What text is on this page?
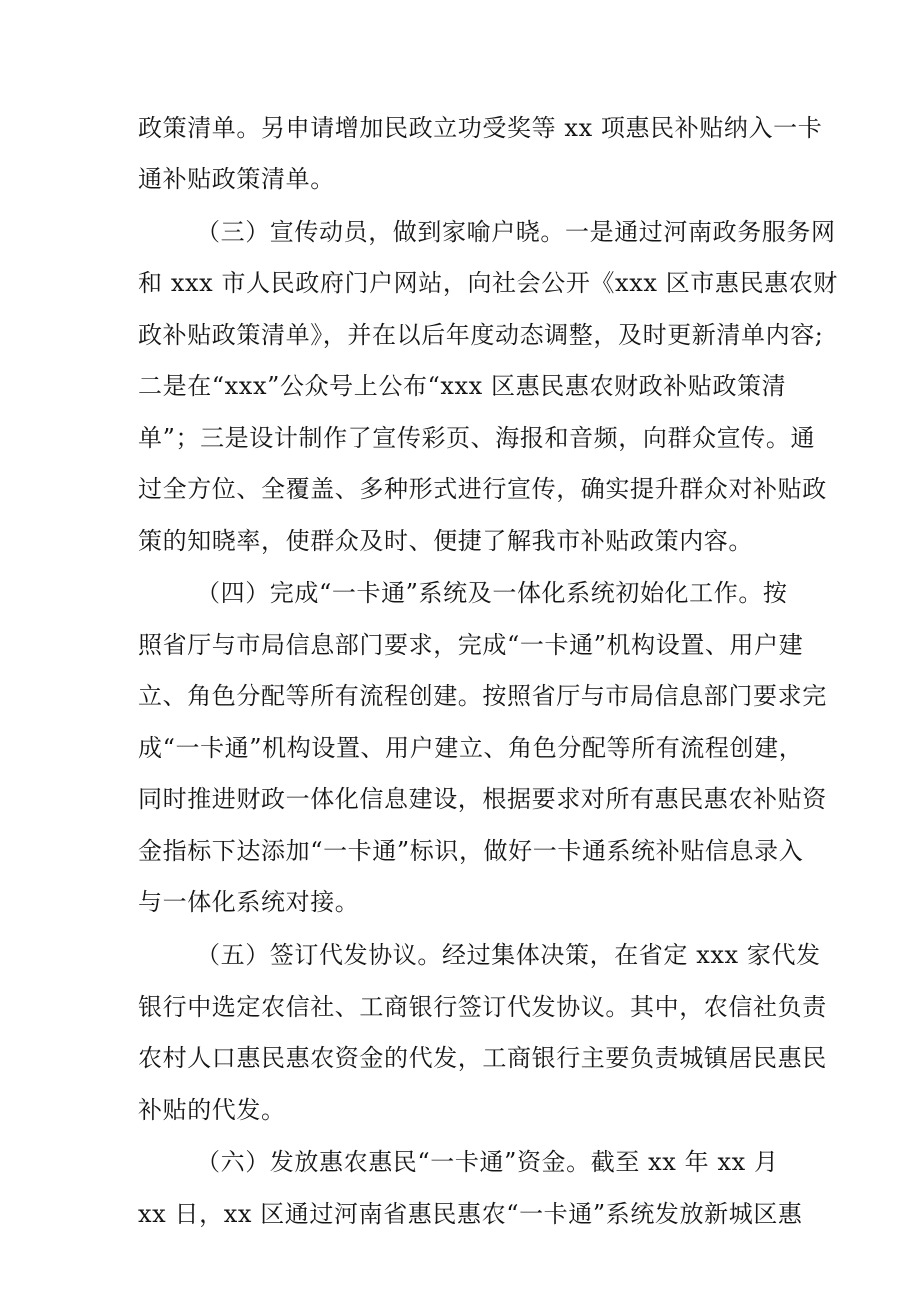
政策清单。另申请增加民政立功受奖等 xx 项惠民补贴纳入一卡
通补贴政策清单。
（三）宣传动员，做到家喻户晓。一是通过河南政务服务网
和 xxx 市人民政府门户网站，向社会公开《xxx 区市惠民惠农财
政补贴政策清单》，并在以后年度动态调整，及时更新清单内容;
二是在“xxx”公众号上公布“xxx 区惠民惠农财政补贴政策清
单”；三是设计制作了宣传彩页、海报和音频，向群众宣传。通
过全方位、全覆盖、多种形式进行宣传，确实提升群众对补贴政
策的知晓率，使群众及时、便捷了解我市补贴政策内容。
（四）完成“一卡通”系统及一体化系统初始化工作。按
照省厅与市局信息部门要求，完成“一卡通”机构设置、用户建
立、角色分配等所有流程创建。按照省厅与市局信息部门要求完
成“一卡通”机构设置、用户建立、角色分配等所有流程创建，
同时推进财政一体化信息建设，根据要求对所有惠民惠农补贴资
金指标下达添加“一卡通”标识，做好一卡通系统补贴信息录入
与一体化系统对接。
（五）签订代发协议。经过集体决策，在省定 xxx 家代发
银行中选定农信社、工商银行签订代发协议。其中，农信社负责
农村人口惠民惠农资金的代发，工商银行主要负责城镇居民惠民
补贴的代发。
（六）发放惠农惠民“一卡通”资金。截至 xx 年 xx 月
xx 日，xx 区通过河南省惠民惠农“一卡通”系统发放新城区惠
